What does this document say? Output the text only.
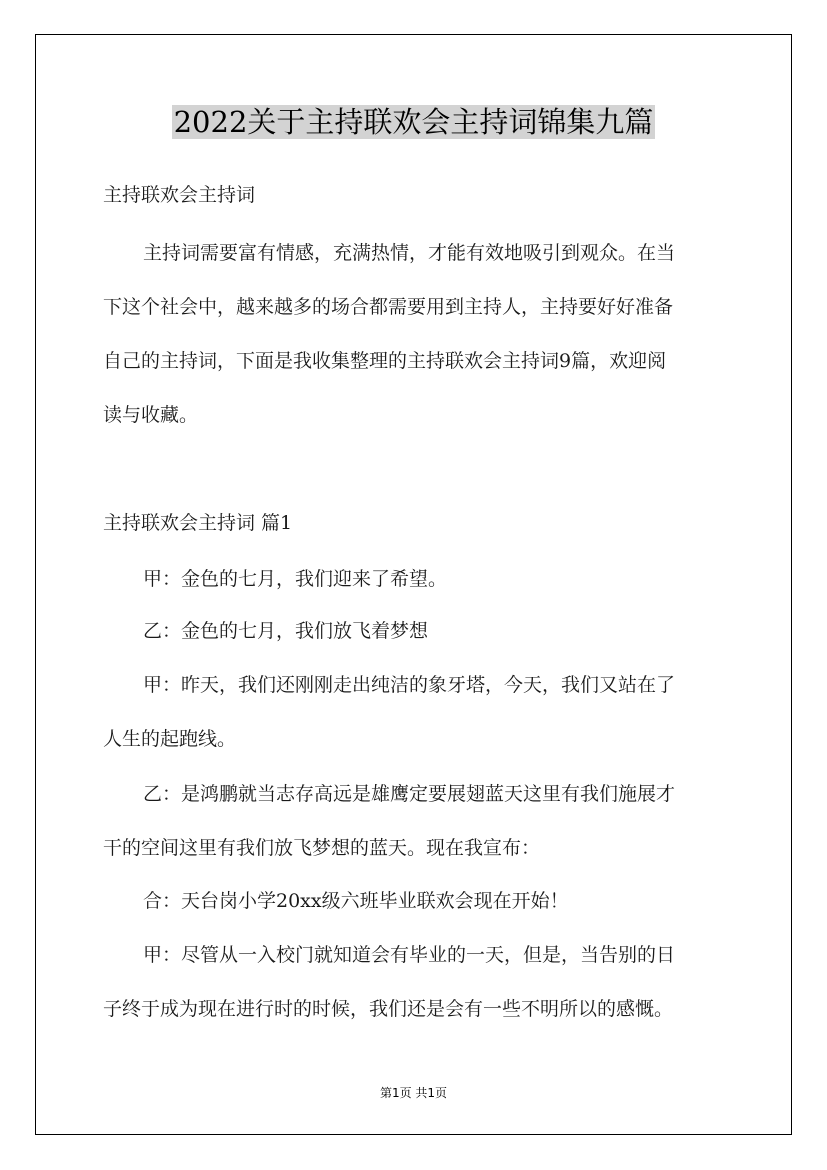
2022关于主持联欢会主持词锦集九篇
主持联欢会主持词
主持词需要富有情感，充满热情，才能有效地吸引到观众。在当
下这个社会中，越来越多的场合都需要用到主持人，主持要好好准备
自己的主持词，下面是我收集整理的主持联欢会主持词9篇，欢迎阅
读与收藏。
主持联欢会主持词 篇1
甲：金色的七月，我们迎来了希望。
乙：金色的七月，我们放飞着梦想
甲：昨天，我们还刚刚走出纯洁的象牙塔，今天，我们又站在了
人生的起跑线。
乙：是鸿鹏就当志存高远是雄鹰定要展翅蓝天这里有我们施展才
干的空间这里有我们放飞梦想的蓝天。现在我宣布：
合：天台岗小学20xx级六班毕业联欢会现在开始！
甲：尽管从一入校门就知道会有毕业的一天，但是，当告别的日
子终于成为现在进行时的时候，我们还是会有一些不明所以的感慨。
第1页 共1页
